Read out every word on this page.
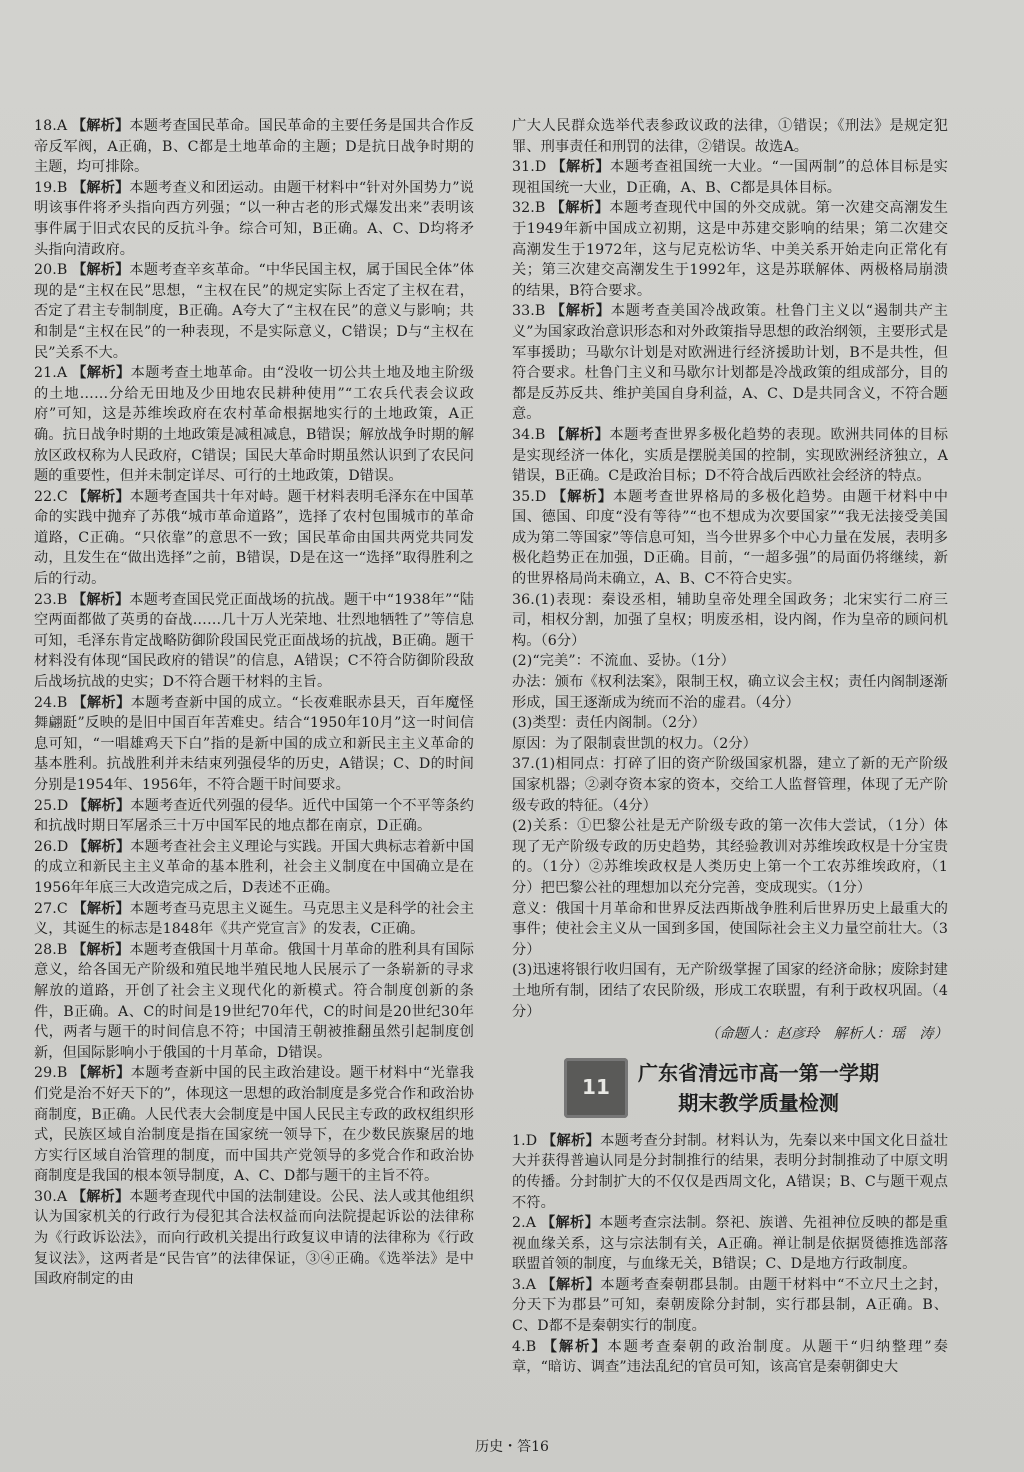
18.A 【解析】本题考查国民革命。国民革命的主要任务是国共合作反帝反军阀，A正确，B、C都是土地革命的主题；D是抗日战争时期的主题，均可排除。
19.B 【解析】本题考查义和团运动。由题干材料中“针对外国势力”说明该事件将矛头指向西方列强；“以一种古老的形式爆发出来”表明该事件属于旧式农民的反抗斗争。综合可知，B正确。A、C、D均将矛头指向清政府。
20.B 【解析】本题考查辛亥革命。“中华民国主权，属于国民全体”体现的是“主权在民”思想，“主权在民”的规定实际上否定了主权在君，否定了君主专制制度，B正确。A夸大了“主权在民”的意义与影响；共和制是“主权在民”的一种表现，不是实际意义，C错误；D与“主权在民”关系不大。
21.A 【解析】本题考查土地革命。由“没收一切公共土地及地主阶级的土地……分给无田地及少田地农民耕种使用”“工农兵代表会议政府”可知，这是苏维埃政府在农村革命根据地实行的土地政策，A正确。抗日战争时期的土地政策是减租减息，B错误；解放战争时期的解放区政权称为人民政府，C错误；国民大革命时期虽然认识到了农民问题的重要性，但并未制定详尽、可行的土地政策，D错误。
22.C 【解析】本题考查国共十年对峙。题干材料表明毛泽东在中国革命的实践中抛弃了苏俄“城市革命道路”，选择了农村包围城市的革命道路，C正确。“只依靠”的意思不一致；国民革命由国共两党共同发动，且发生在“做出选择”之前，B错误，D是在这一“选择”取得胜利之后的行动。
23.B 【解析】本题考查国民党正面战场的抗战。题干中“1938年”“陆空两面都做了英勇的奋战……几十万人光荣地、壮烈地牺牲了”等信息可知，毛泽东肯定战略防御阶段国民党正面战场的抗战，B正确。题干材料没有体现“国民政府的错误”的信息，A错误；C不符合防御阶段敌后战场抗战的史实；D不符合题干材料的主旨。
24.B 【解析】本题考查新中国的成立。“长夜难眠赤县天，百年魔怪舞翩跹”反映的是旧中国百年苦难史。结合“1950年10月”这一时间信息可知，“一唱雄鸡天下白”指的是新中国的成立和新民主主义革命的基本胜利。抗战胜利并未结束列强侵华的历史，A错误；C、D的时间分别是1954年、1956年，不符合题干时间要求。
25.D 【解析】本题考查近代列强的侵华。近代中国第一个不平等条约和抗战时期日军屠杀三十万中国军民的地点都在南京，D正确。
26.D 【解析】本题考查社会主义理论与实践。开国大典标志着新中国的成立和新民主主义革命的基本胜利，社会主义制度在中国确立是在1956年年底三大改造完成之后，D表述不正确。
27.C 【解析】本题考查马克思主义诞生。马克思主义是科学的社会主义，其诞生的标志是1848年《共产党宣言》的发表，C正确。
28.B 【解析】本题考查俄国十月革命。俄国十月革命的胜利具有国际意义，给各国无产阶级和殖民地半殖民地人民展示了一条崭新的寻求解放的道路，开创了社会主义现代化的新模式。符合制度创新的条件，B正确。A、C的时间是19世纪70年代，C的时间是20世纪30年代，两者与题干的时间信息不符；中国清王朝被推翻虽然引起制度创新，但国际影响小于俄国的十月革命，D错误。
29.B 【解析】本题考查新中国的民主政治建设。题干材料中“光靠我们党是治不好天下的”，体现这一思想的政治制度是多党合作和政治协商制度，B正确。人民代表大会制度是中国人民民主专政的政权组织形式，民族区域自治制度是指在国家统一领导下，在少数民族聚居的地方实行区域自治管理的制度，而中国共产党领导的多党合作和政治协商制度是我国的根本领导制度，A、C、D都与题干的主旨不符。
30.A 【解析】本题考查现代中国的法制建设。公民、法人或其他组织认为国家机关的行政行为侵犯其合法权益而向法院提起诉讼的法律称为《行政诉讼法》，而向行政机关提出行政复议申请的法律称为《行政复议法》，这两者是“民告官”的法律保证，③④正确。《选举法》是中国政府制定的由
广大人民群众选举代表参政议政的法律，①错误；《刑法》是规定犯罪、刑事责任和刑罚的法律，②错误。故选A。
31.D 【解析】本题考查祖国统一大业。“一国两制”的总体目标是实现祖国统一大业，D正确，A、B、C都是具体目标。
32.B 【解析】本题考查现代中国的外交成就。第一次建交高潮发生于1949年新中国成立初期，这是中苏建交影响的结果；第二次建交高潮发生于1972年，这与尼克松访华、中美关系开始走向正常化有关；第三次建交高潮发生于1992年，这是苏联解体、两极格局崩溃的结果，B符合要求。
33.B 【解析】本题考查美国冷战政策。杜鲁门主义以“遏制共产主义”为国家政治意识形态和对外政策指导思想的政治纲领，主要形式是军事援助；马歇尔计划是对欧洲进行经济援助计划，B不是共性，但符合要求。杜鲁门主义和马歇尔计划都是冷战政策的组成部分，目的都是反苏反共、维护美国自身利益，A、C、D是共同含义，不符合题意。
34.B 【解析】本题考查世界多极化趋势的表现。欧洲共同体的目标是实现经济一体化，实质是摆脱美国的控制，实现欧洲经济独立，A错误，B正确。C是政治目标；D不符合战后西欧社会经济的特点。
35.D 【解析】本题考查世界格局的多极化趋势。由题干材料中中国、德国、印度“没有等待”“也不想成为次要国家”“我无法接受美国成为第二等国家”等信息可知，当今世界多个中心力量在发展，表明多极化趋势正在加强，D正确。目前，“一超多强”的局面仍将继续，新的世界格局尚未确立，A、B、C不符合史实。
36.(1)表现：秦设丞相，辅助皇帝处理全国政务；北宋实行二府三司，相权分割，加强了皇权；明废丞相，设内阁，作为皇帝的顾问机构。（6分）
(2)“完美”：不流血、妥协。（1分）
办法：颁布《权利法案》，限制王权，确立议会主权；责任内阁制逐渐形成，国王逐渐成为统而不治的虚君。（4分）
(3)类型：责任内阁制。（2分）
原因：为了限制袁世凯的权力。（2分）
37.(1)相同点：打碎了旧的资产阶级国家机器，建立了新的无产阶级国家机器；②剥夺资本家的资本，交给工人监督管理，体现了无产阶级专政的特征。（4分）
(2)关系：①巴黎公社是无产阶级专政的第一次伟大尝试，（1分）体现了无产阶级专政的历史趋势，其经验教训对苏维埃政权是十分宝贵的。（1分）②苏维埃政权是人类历史上第一个工农苏维埃政府，（1分）把巴黎公社的理想加以充分完善，变成现实。（1分）
意义：俄国十月革命和世界反法西斯战争胜利后世界历史上最重大的事件；使社会主义从一国到多国，使国际社会主义力量空前壮大。（3分）
(3)迅速将银行收归国有，无产阶级掌握了国家的经济命脉；废除封建土地所有制，团结了农民阶级，形成工农联盟，有利于政权巩固。（4分）
（命题人：赵彦玲　解析人：瑶　涛）
11
广东省清远市高一第一学期
期末教学质量检测
1.D 【解析】本题考查分封制。材料认为，先秦以来中国文化日益壮大并获得普遍认同是分封制推行的结果，表明分封制推动了中原文明的传播。分封制扩大的不仅仅是西周文化，A错误；B、C与题干观点不符。
2.A 【解析】本题考查宗法制。祭祀、族谱、先祖神位反映的都是重视血缘关系，这与宗法制有关，A正确。禅让制是依据贤德推选部落联盟首领的制度，与血缘无关，B错误；C、D是地方行政制度。
3.A 【解析】本题考查秦朝郡县制。由题干材料中“不立尺土之封，分天下为郡县”可知，秦朝废除分封制，实行郡县制，A正确。B、C、D都不是秦朝实行的制度。
4.B 【解析】本题考查秦朝的政治制度。从题干“归纳整理”奏章，“暗访、调查”违法乱纪的官员可知，该高官是秦朝御史大
历史・答16
